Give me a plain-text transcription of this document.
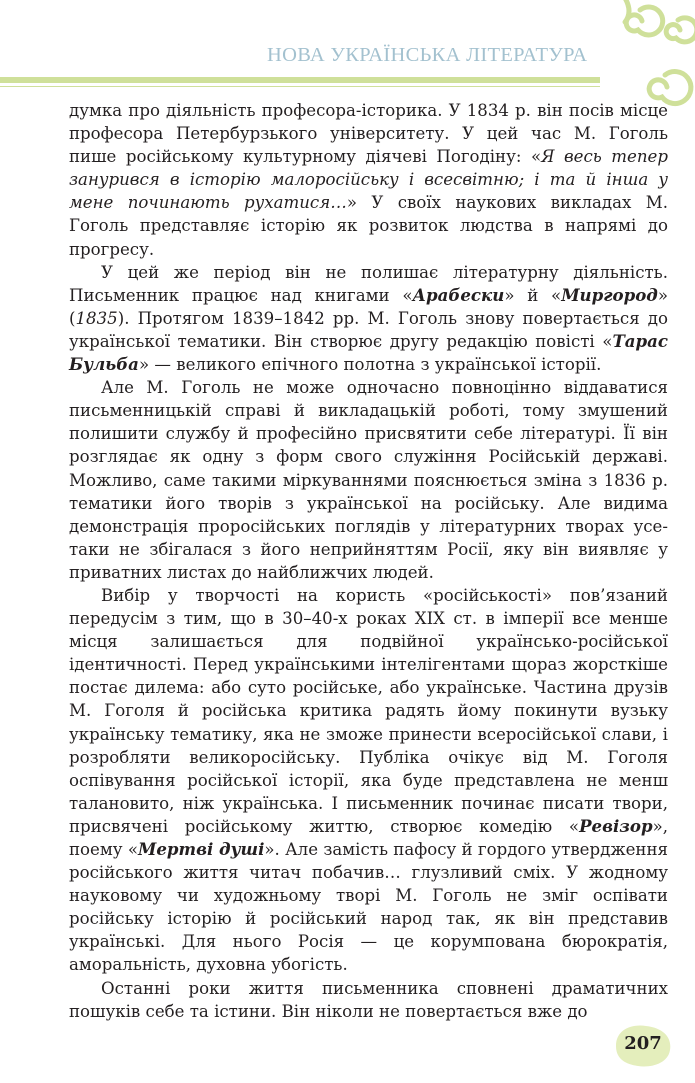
НОВА УКРАЇНСЬКА ЛІТЕРАТУРА

думка про діяльність професора-історика. У 1834 р. він посів місце професора Петербурзького університету. У цей час М. Гоголь пише російському культурному діячеві Погодіну: «Я весь тепер занурився в історію малоросійську і всесвітню; і та й інша у мене починають рухатися…» У своїх наукових викладах М. Гоголь представляє історію як розвиток людства в напрямі до прогресу.

У цей же період він не полишає літературну діяльність. Письменник працює над книгами «Арабески» й «Миргород» (1835). Протягом 1839–1842 рр. М. Гоголь знову повертається до української тематики. Він створює другу редакцію повісті «Тарас Бульба» — великого епічного полотна з української історії.

Але М. Гоголь не може одночасно повноцінно віддаватися письменницькій справі й викладацькій роботі, тому змушений полишити службу й професійно присвятити себе літературі. Її він розглядає як одну з форм свого служіння Російській державі. Можливо, саме такими міркуваннями пояснюється зміна з 1836 р. тематики його творів з української на російську. Але видима демонстрація проросійських поглядів у літературних творах усе-таки не збігалася з його неприйняттям Росії, яку він виявляє у приватних листах до найближчих людей.

Вибір у творчості на користь «російськості» пов’язаний передусім з тим, що в 30–40-х роках XIX ст. в імперії все менше місця залишається для подвійної українсько-російської ідентичності. Перед українськими інтелігентами щораз жорсткіше постає дилема: або суто російське, або українське. Частина друзів М. Гоголя й російська критика радять йому покинути вузьку українську тематику, яка не зможе принести всеросійської слави, і розробляти великоросійську. Публіка очікує від М. Гоголя оспівування російської історії, яка буде представлена не менш талановито, ніж українська. І письменник починає писати твори, присвячені російському життю, створює комедію «Ревізор», поему «Мертві душі». Але замість пафосу й гордого утвердження російського життя читач побачив… глузливий сміх. У жодному науковому чи художньому творі М. Гоголь не зміг оспівати російську історію й російський народ так, як він представив українські. Для нього Росія — це корумпована бюрократія, аморальність, духовна убогість.

Останні роки життя письменника сповнені драматичних пошуків себе та істини. Він ніколи не повертається вже до

207
